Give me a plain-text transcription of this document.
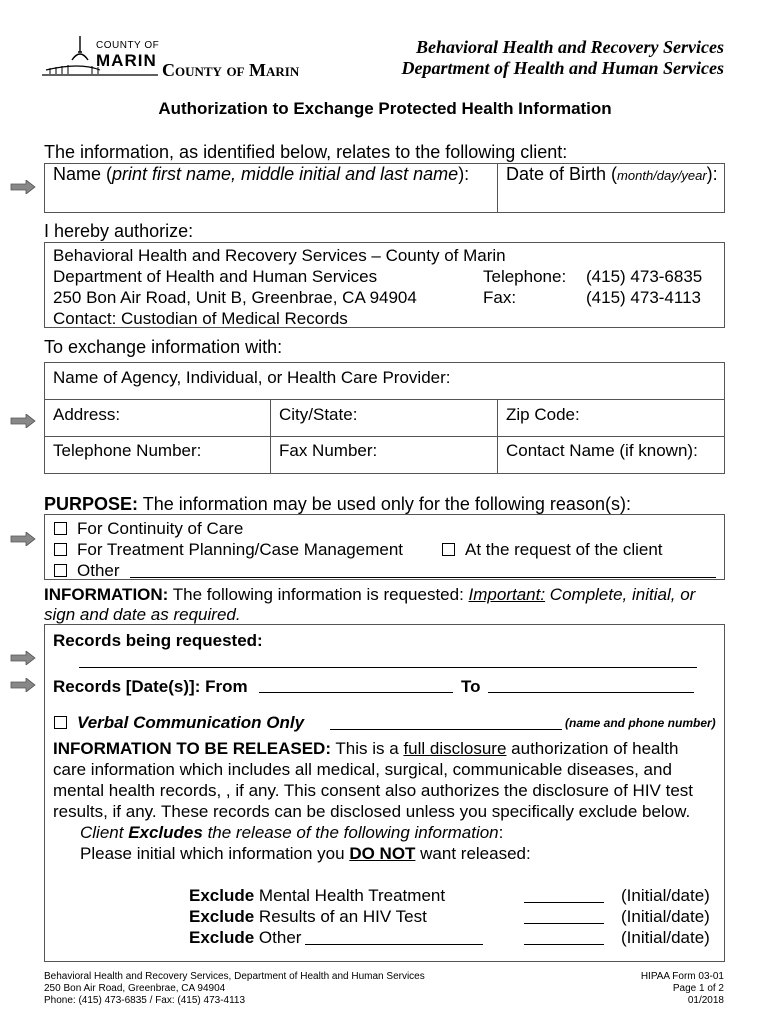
COUNTY OF
MARIN County of Marin
Behavioral Health and Recovery Services
Department of Health and Human Services
Authorization to Exchange Protected Health Information
The information, as identified below, relates to the following client:
Name (print first name, middle initial and last name): Date of Birth (month/day/year):
I hereby authorize:
Behavioral Health and Recovery Services – County of Marin
Department of Health and Human Services
250 Bon Air Road, Unit B, Greenbrae, CA 94904
Contact: Custodian of Medical Records
Telephone: (415) 473-6835
Fax:	(415) 473-4113
To exchange information with:
Name of Agency, Individual, or Health Care Provider:
Address:	City/State:	Zip Code:
Telephone Number:	Fax Number:	Contact Name (if known):
PURPOSE: The information may be used only for the following reason(s):
For Continuity of Care
For Treatment Planning/Case Management	At the request of the client
Other
INFORMATION: The following information is requested: Important: Complete, initial, or
sign and date as required.
Records being requested:
Records [Date(s)]: From	To
Verbal Communication Only	(name and phone number)
INFORMATION TO BE RELEASED: This is a full disclosure authorization of health
care information which includes all medical, surgical, communicable diseases, and
mental health records, , if any. This consent also authorizes the disclosure of HIV test
results, if any. These records can be disclosed unless you specifically exclude below.
Client Excludes the release of the following information:
Please initial which information you DO NOT want released:
Exclude Mental Health Treatment	(Initial/date)
Exclude Results of an HIV Test	(Initial/date)
Exclude Other	(Initial/date)
Behavioral Health and Recovery Services, Department of Health and Human Services
250 Bon Air Road, Greenbrae, CA 94904
Phone: (415) 473-6835 / Fax: (415) 473-4113
HIPAA Form 03-01
Page 1 of 2
01/2018
